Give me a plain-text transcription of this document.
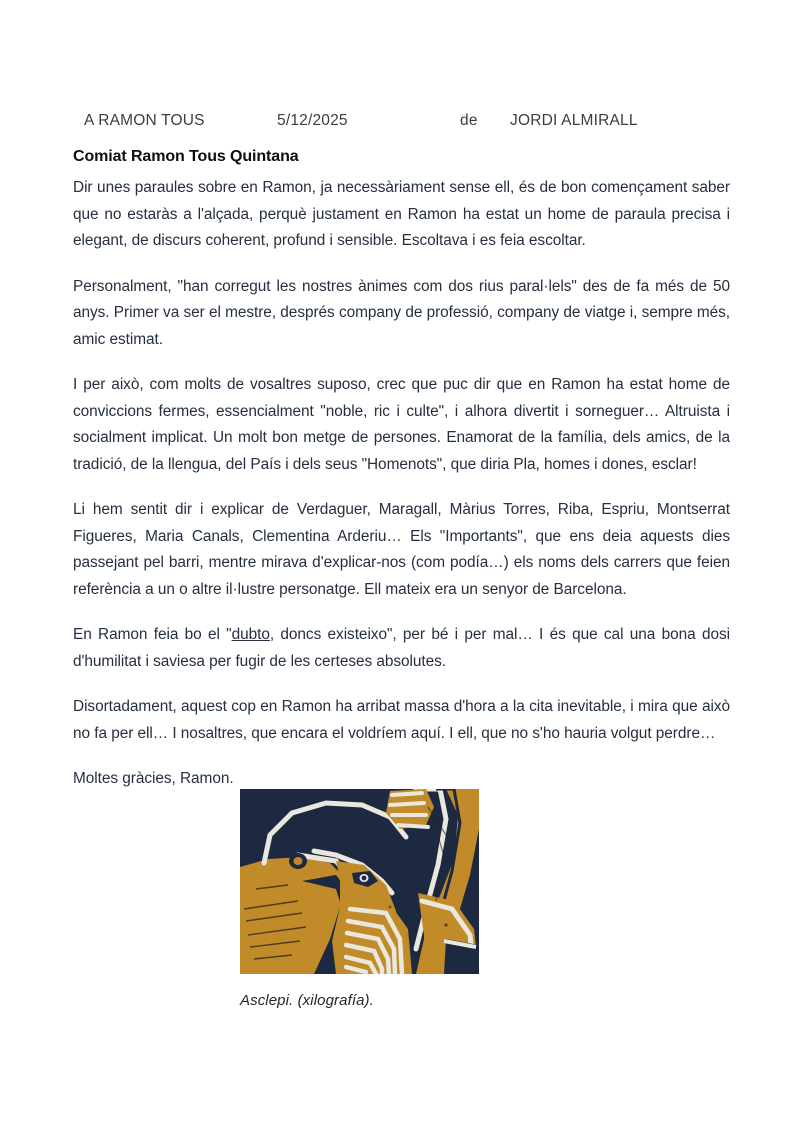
A RAMON TOUS	5/12/2025	de JORDI ALMIRALL
Comiat Ramon Tous Quintana

Dir unes paraules sobre en Ramon, ja necessàriament sense ell, és de bon començament saber que no estaràs a l'alçada, perquè justament en Ramon ha estat un home de paraula precisa i elegant, de discurs coherent, profund i sensible. Escoltava i es feia escoltar.

Personalment, "han corregut les nostres ànimes com dos rius paral·lels" des de fa més de 50 anys. Primer va ser el mestre, després company de professió, company de viatge i, sempre més, amic estimat.

I per això, com molts de vosaltres suposo, crec que puc dir que en Ramon ha estat home de conviccions fermes, essencialment "noble, ric i culte", i alhora divertit i sorneguer… Altruista i socialment implicat. Un molt bon metge de persones. Enamorat de la família, dels amics, de la tradició, de la llengua, del País i dels seus "Homenots", que diria Pla, homes i dones, esclar!

Li hem sentit dir i explicar de Verdaguer, Maragall, Màrius Torres, Riba, Espriu, Montserrat Figueres, Maria Canals, Clementina Arderiu… Els "Importants", que ens deia aquests dies passejant pel barri, mentre mirava d'explicar-nos (com podía…) els noms dels carrers que feien referència a un o altre il·lustre personatge. Ell mateix era un senyor de Barcelona.

En Ramon feia bo el "dubto, doncs existeixo", per bé i per mal… I és que cal una bona dosi d'humilitat i saviesa per fugir de les certeses absolutes.

Disortadament, aquest cop en Ramon ha arribat massa d'hora a la cita inevitable, i mira que això no fa per ell… I nosaltres, que encara el voldríem aquí. I ell, que no s'ho hauria volgut perdre…

Moltes gràcies, Ramon.

Asclepi. (xilografía).
